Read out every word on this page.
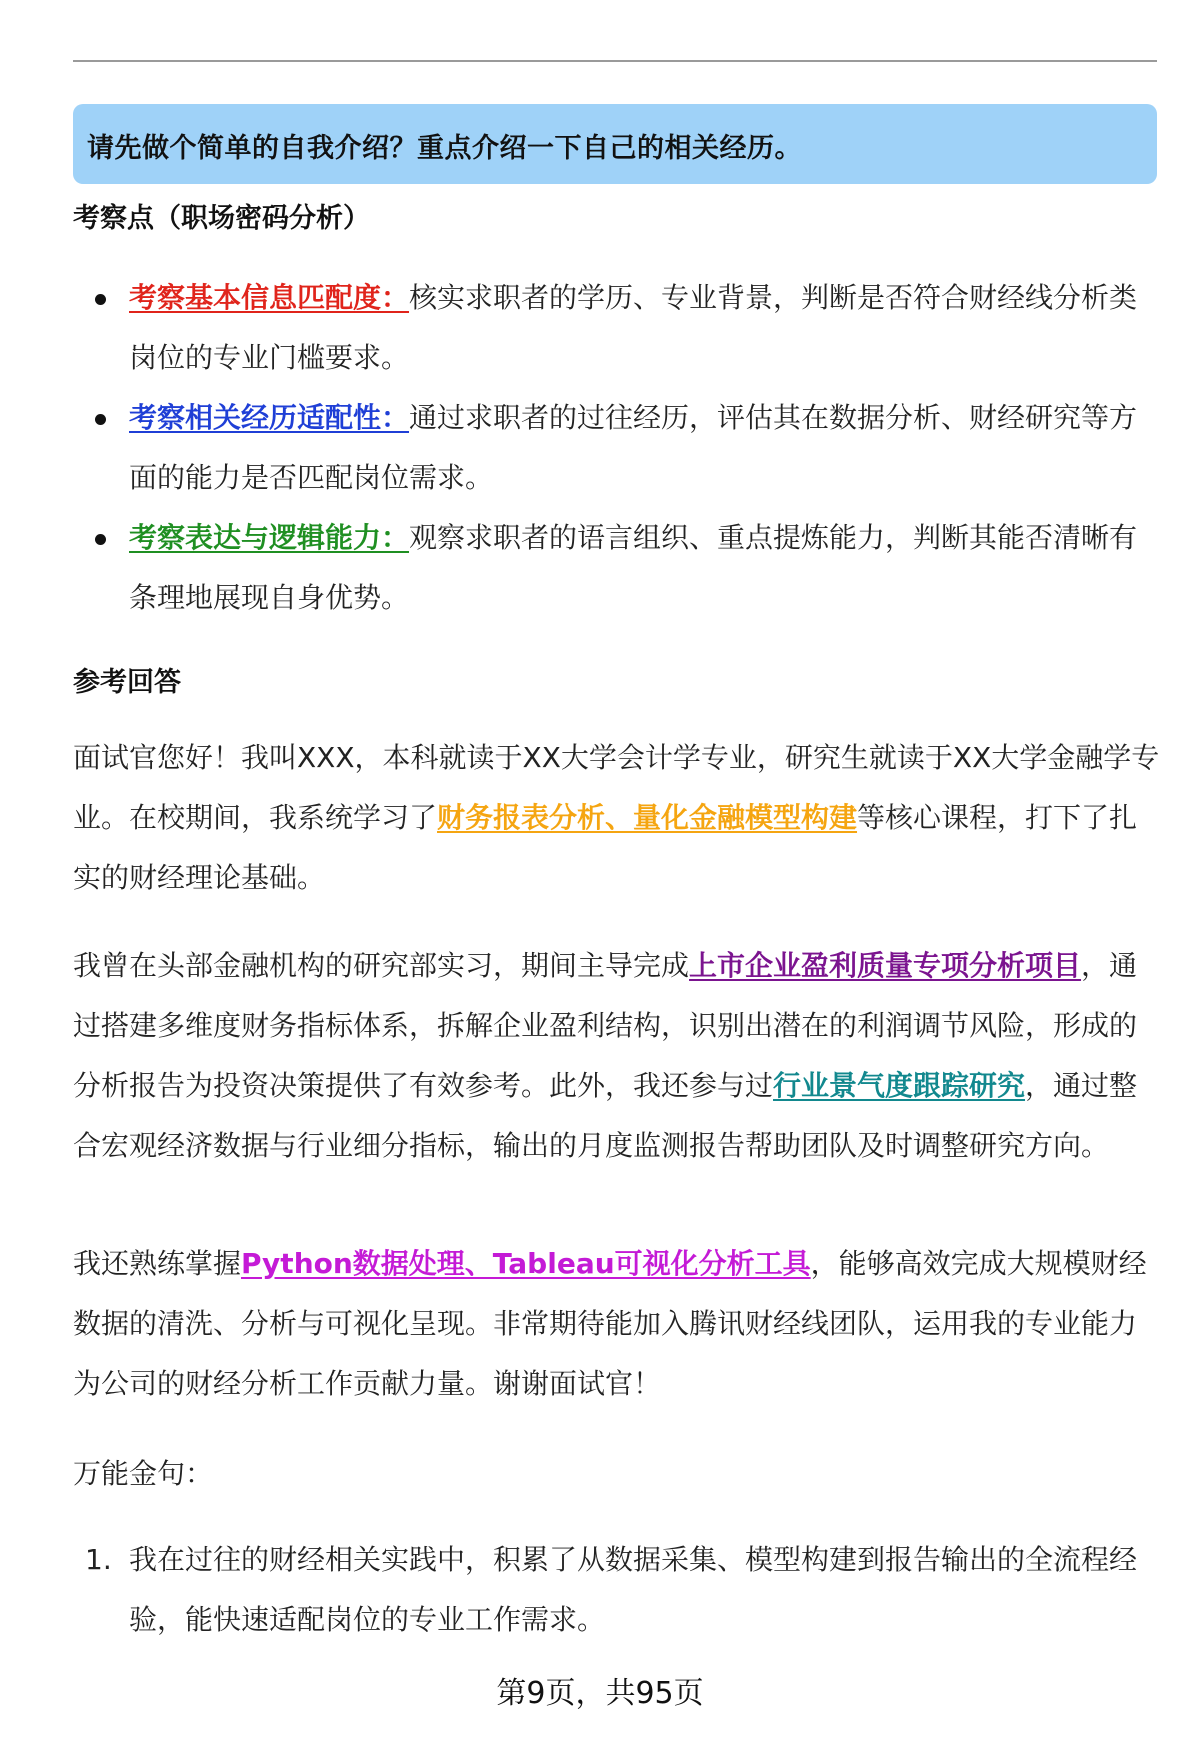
请先做个简单的自我介绍？重点介绍一下自己的相关经历。
考察点（职场密码分析）
考察基本信息匹配度：核实求职者的学历、专业背景，判断是否符合财经线分析类岗位的专业门槛要求。
考察相关经历适配性：通过求职者的过往经历，评估其在数据分析、财经研究等方面的能力是否匹配岗位需求。
考察表达与逻辑能力：观察求职者的语言组织、重点提炼能力，判断其能否清晰有条理地展现自身优势。
参考回答

面试官您好！我叫XXX，本科就读于XX大学会计学专业，研究生就读于XX大学金融学专业。在校期间，我系统学习了财务报表分析、量化金融模型构建等核心课程，打下了扎实的财经理论基础。

我曾在头部金融机构的研究部实习，期间主导完成上市企业盈利质量专项分析项目，通过搭建多维度财务指标体系，拆解企业盈利结构，识别出潜在的利润调节风险，形成的分析报告为投资决策提供了有效参考。此外，我还参与过行业景气度跟踪研究，通过整合宏观经济数据与行业细分指标，输出的月度监测报告帮助团队及时调整研究方向。

我还熟练掌握Python数据处理、Tableau可视化分析工具，能够高效完成大规模财经数据的清洗、分析与可视化呈现。非常期待能加入腾讯财经线团队，运用我的专业能力为公司的财经分析工作贡献力量。谢谢面试官！

万能金句：

1. 我在过往的财经相关实践中，积累了从数据采集、模型构建到报告输出的全流程经验，能快速适配岗位的专业工作需求。
第9页，共95页
